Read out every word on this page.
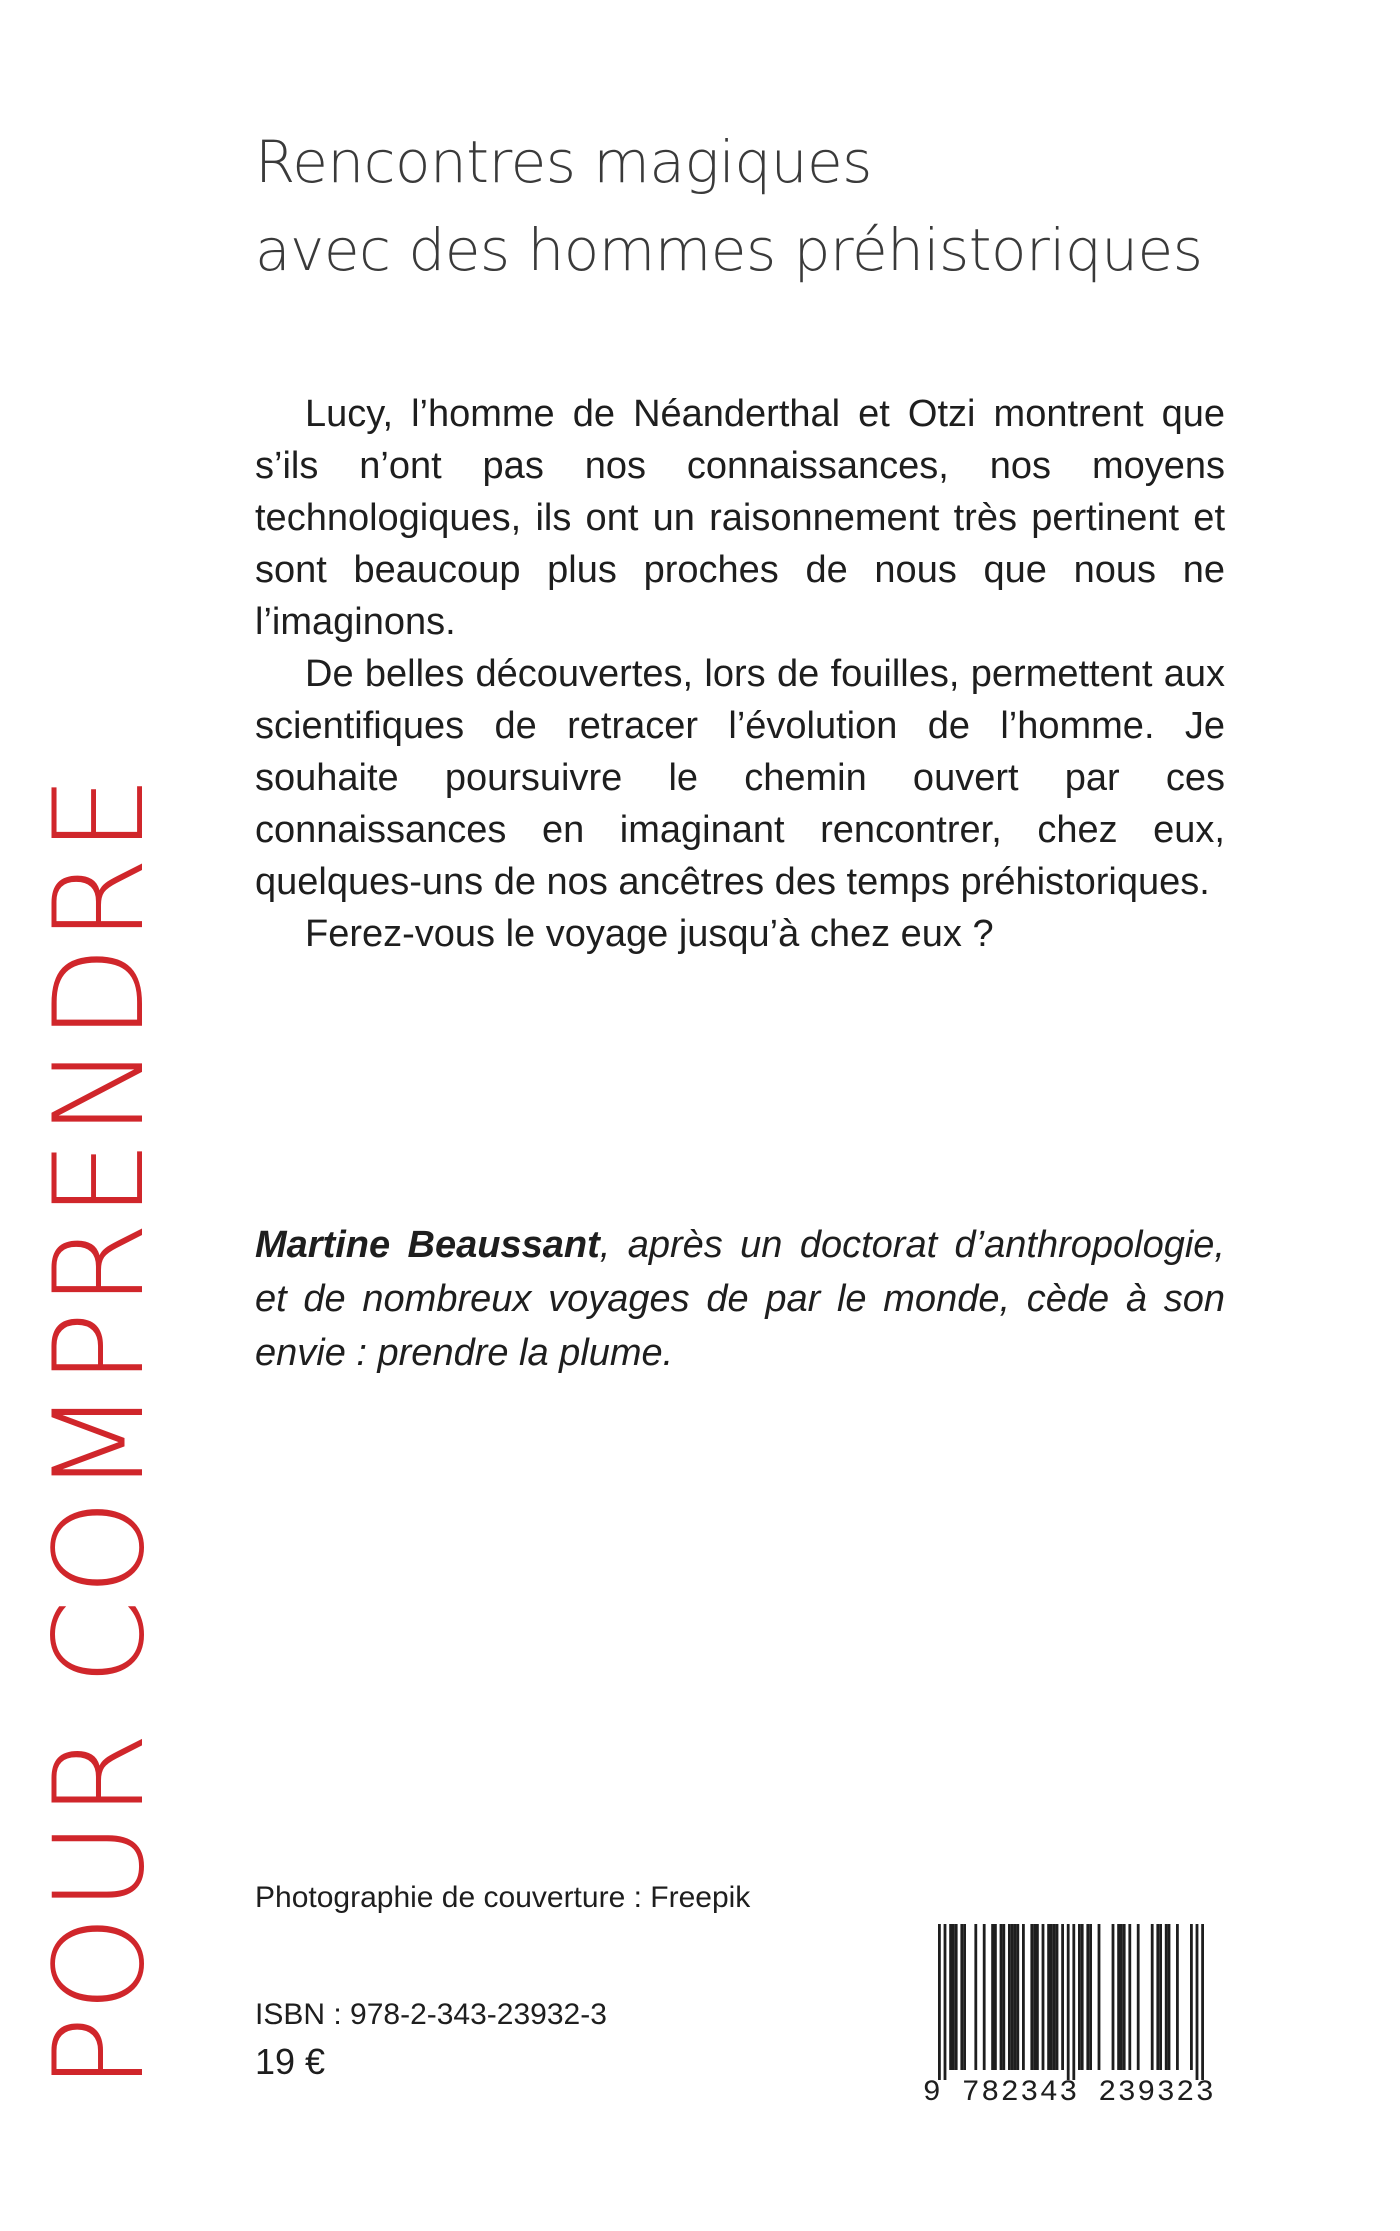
Rencontres magiques
avec des hommes préhistoriques

Lucy, l’homme de Néanderthal et Otzi montrent que s’ils n’ont pas nos connaissances, nos moyens technologiques, ils ont un raisonnement très pertinent et sont beaucoup plus proches de nous que nous ne l’imaginons.

De belles découvertes, lors de fouilles, permettent aux scientifiques de retracer l’évolution de l’homme. Je souhaite poursuivre le chemin ouvert par ces connaissances en imaginant rencontrer, chez eux, quelques-uns de nos ancêtres des temps préhistoriques.

Ferez-vous le voyage jusqu’à chez eux ?

Martine Beaussant, après un doctorat d’anthropologie, et de nombreux voyages de par le monde, cède à son envie : prendre la plume.
POUR COMPRENDRE	Photographie de couverture : Freepik
ISBN : 978-2-343-23932-3
19 €
9 782343 239323
